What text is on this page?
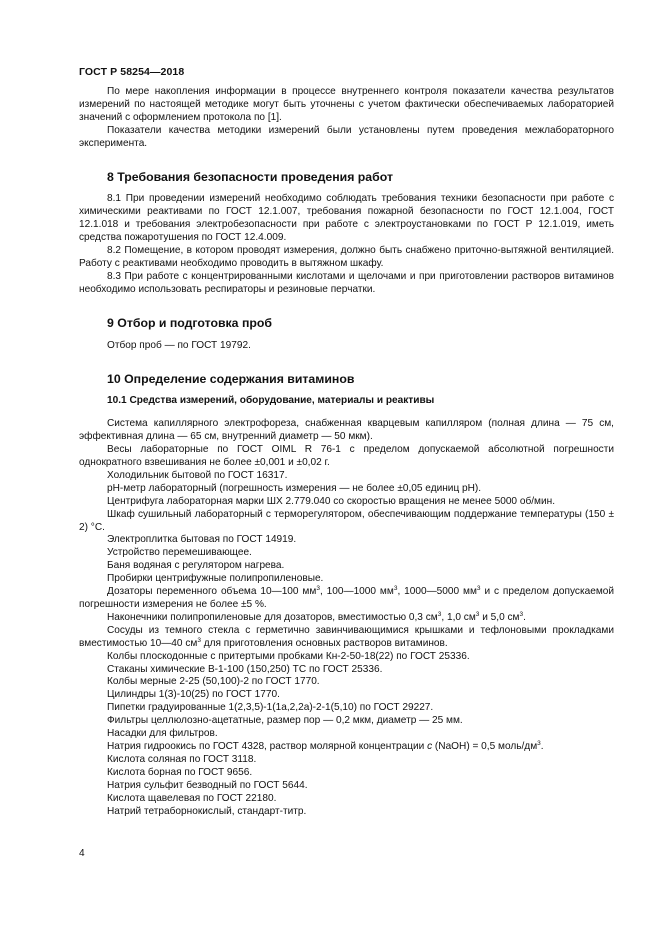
ГОСТ Р 58254—2018

По мере накопления информации в процессе внутреннего контроля показатели качества результатов измерений по настоящей методике могут быть уточнены с учетом фактически обеспечиваемых лабораторией значений с оформлением протокола по [1].

Показатели качества методики измерений были установлены путем проведения межлабораторного эксперимента.

8 Требования безопасности проведения работ

8.1 При проведении измерений необходимо соблюдать требования техники безопасности при работе с химическими реактивами по ГОСТ 12.1.007, требования пожарной безопасности по ГОСТ 12.1.004, ГОСТ 12.1.018 и требования электробезопасности при работе с электроустановками по ГОСТ Р 12.1.019, иметь средства пожаротушения по ГОСТ 12.4.009.

8.2 Помещение, в котором проводят измерения, должно быть снабжено приточно-вытяжной вентиляцией. Работу с реактивами необходимо проводить в вытяжном шкафу.

8.3 При работе с концентрированными кислотами и щелочами и при приготовлении растворов витаминов необходимо использовать респираторы и резиновые перчатки.

9 Отбор и подготовка проб

Отбор проб — по ГОСТ 19792.

10 Определение содержания витаминов

10.1 Средства измерений, оборудование, материалы и реактивы

Система капиллярного электрофореза, снабженная кварцевым капилляром (полная длина — 75 см, эффективная длина — 65 см, внутренний диаметр — 50 мкм).

Весы лабораторные по ГОСТ OIML R 76-1 с пределом допускаемой абсолютной погрешности однократного взвешивания не более ±0,001 и ±0,02 г.

Холодильник бытовой по ГОСТ 16317.

рН-метр лабораторный (погрешность измерения — не более ±0,05 единиц рН).

Центрифуга лабораторная марки ШХ 2.779.040 со скоростью вращения не менее 5000 об/мин.

Шкаф сушильный лабораторный с терморегулятором, обеспечивающим поддержание температуры (150 ± 2) °С.

Электроплитка бытовая по ГОСТ 14919.

Устройство перемешивающее.

Баня водяная с регулятором нагрева.

Пробирки центрифужные полипропиленовые.

Дозаторы переменного объема 10—100 $мм^3$, 100—1000 $мм^3$, 1000—5000 $мм^3$ и с пределом допускаемой погрешности измерения не более ±5 %.

Наконечники полипропиленовые для дозаторов, вместимостью 0,3 $см^3$, 1,0 $см^3$ и 5,0 $см^3$.

Сосуды из темного стекла с герметично завинчивающимися крышками и тефлоновыми прокладками вместимостью 10—40 $см^3$ для приготовления основных растворов витаминов.

Колбы плоскодонные с притертыми пробками Кн-2-50-18(22) по ГОСТ 25336.

Стаканы химические В-1-100 (150,250) ТС по ГОСТ 25336.

Колбы мерные 2-25 (50,100)-2 по ГОСТ 1770.

Цилиндры 1(3)-10(25) по ГОСТ 1770.

Пипетки градуированные 1(2,3,5)-1(1а,2,2а)-2-1(5,10) по ГОСТ 29227.

Фильтры целлюлозно-ацетатные, размер пор — 0,2 мкм, диаметр — 25 мм.

Насадки для фильтров.

Натрия гидроокись по ГОСТ 4328, раствор молярной концентрации с (NaOH) = 0,5 моль/$дм^3$.

Кислота соляная по ГОСТ 3118.

Кислота борная по ГОСТ 9656.

Натрия сульфит безводный по ГОСТ 5644.

Кислота щавелевая по ГОСТ 22180.

Натрий тетраборнокислый, стандарт-титр.

4
